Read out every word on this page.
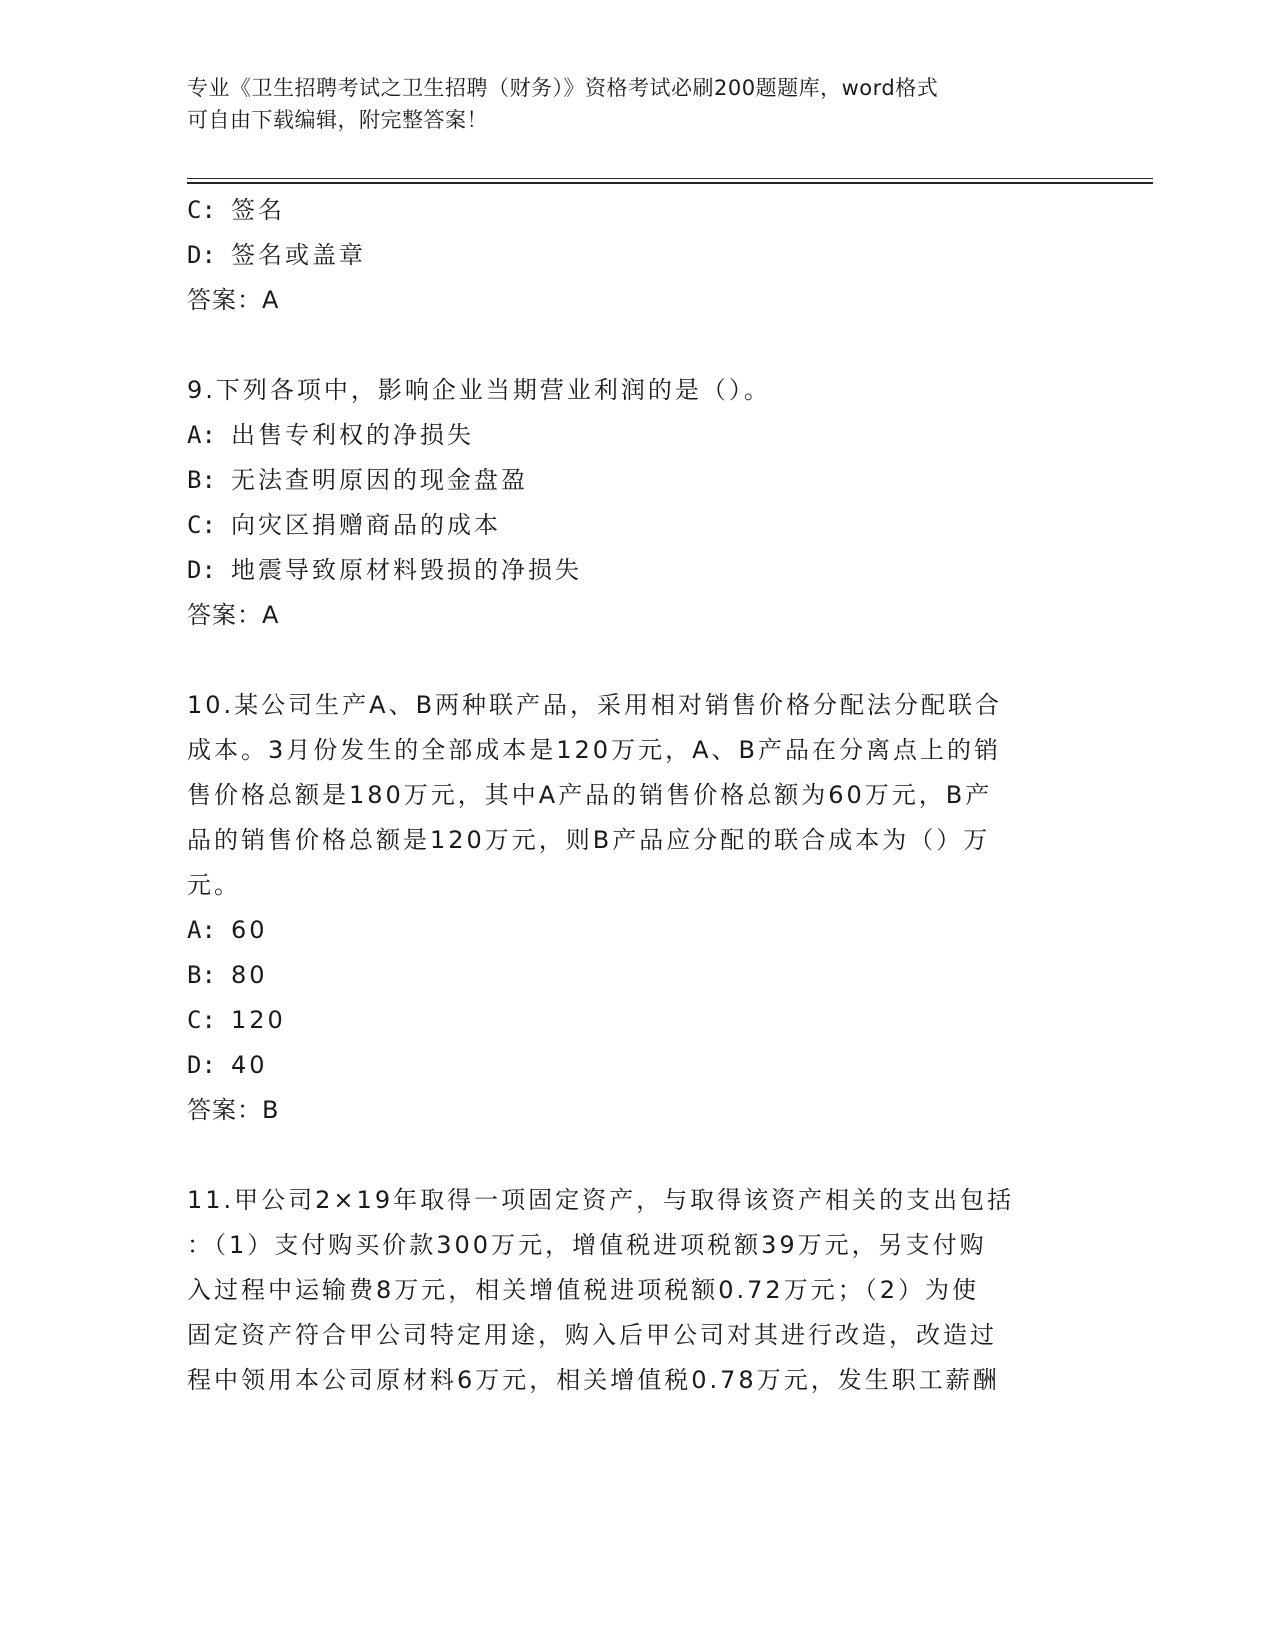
专业《卫生招聘考试之卫生招聘（财务）》资格考试必刷200题题库，word格式
可自由下载编辑，附完整答案！
C: 签名
D: 签名或盖章
答案：A
9.下列各项中，影响企业当期营业利润的是（）。
A: 出售专利权的净损失
B: 无法查明原因的现金盘盈
C: 向灾区捐赠商品的成本
D: 地震导致原材料毁损的净损失
答案：A
10.某公司生产A、B两种联产品，采用相对销售价格分配法分配联合
成本。3月份发生的全部成本是120万元，A、B产品在分离点上的销
售价格总额是180万元，其中A产品的销售价格总额为60万元，B产
品的销售价格总额是120万元，则B产品应分配的联合成本为（）万
元。
A: 60
B: 80
C: 120
D: 40
答案：B
11.甲公司2×19年取得一项固定资产，与取得该资产相关的支出包括
：（1）支付购买价款300万元，增值税进项税额39万元，另支付购
入过程中运输费8万元，相关增值税进项税额0.72万元；（2）为使
固定资产符合甲公司特定用途，购入后甲公司对其进行改造，改造过
程中领用本公司原材料6万元，相关增值税0.78万元，发生职工薪酬
